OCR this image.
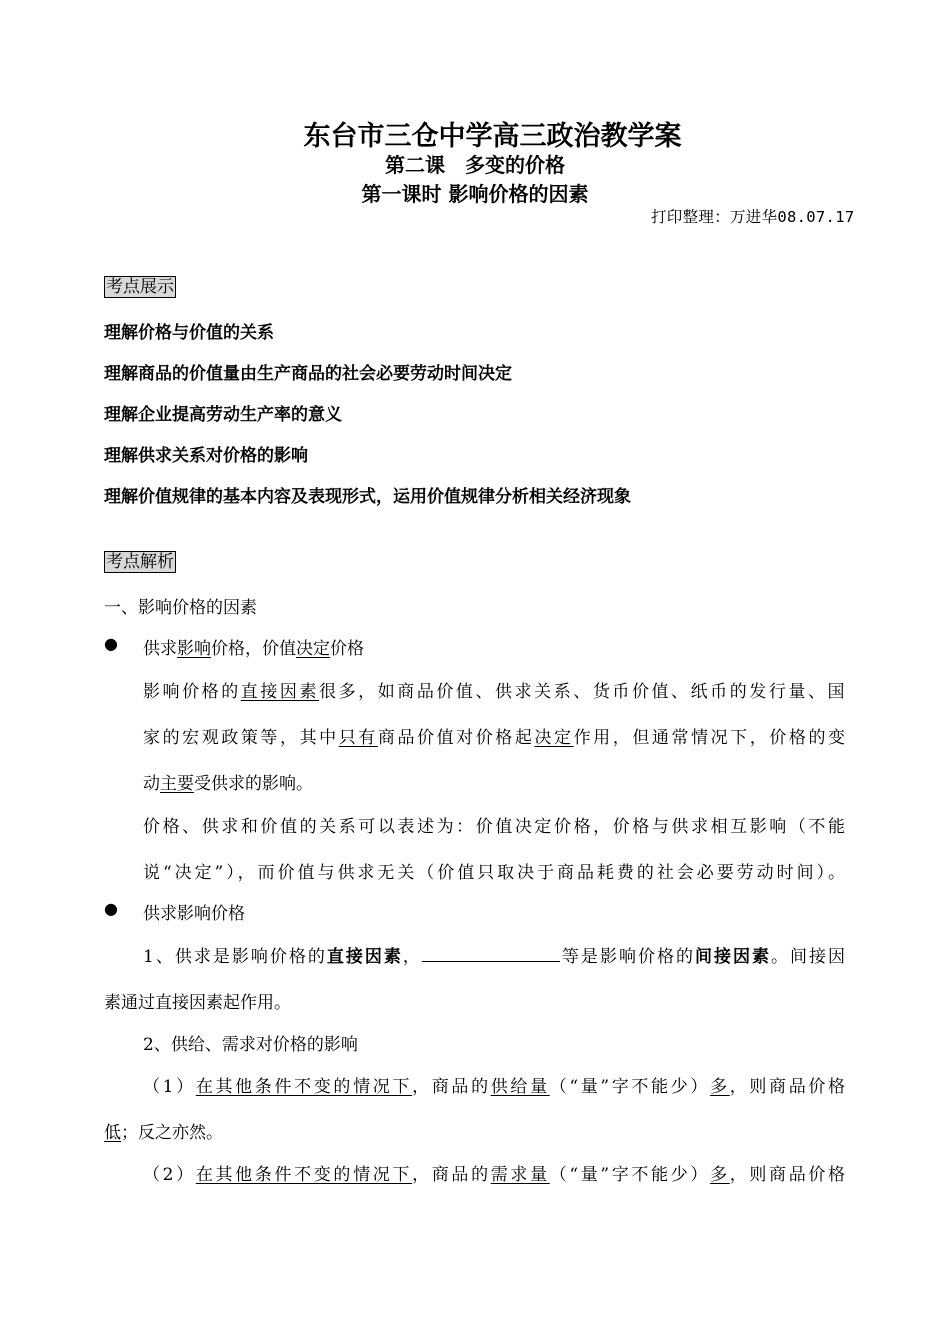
东台市三仓中学高三政治教学案
第二课　多变的价格
第一课时 影响价格的因素
打印整理：万进华08.07.17
考点展示
理解价格与价值的关系
理解商品的价值量由生产商品的社会必要劳动时间决定
理解企业提高劳动生产率的意义
理解供求关系对价格的影响
理解价值规律的基本内容及表现形式，运用价值规律分析相关经济现象
考点解析
一、影响价格的因素
● 供求影响价格，价值决定价格
影响价格的直接因素很多，如商品价值、供求关系、货币价值、纸币的发行量、国
家的宏观政策等，其中只有商品价值对价格起决定作用，但通常情况下，价格的变
动主要受供求的影响。
价格、供求和价值的关系可以表述为：价值决定价格，价格与供求相互影响（不能
说“决定”），而价值与供求无关（价值只取决于商品耗费的社会必要劳动时间）。
● 供求影响价格
1、供求是影响价格的直接因素，	等是影响价格的间接因素。间接因
素通过直接因素起作用。
2、供给、需求对价格的影响
（1）在其他条件不变的情况下，商品的供给量（“量”字不能少）多，则商品价格
低；反之亦然。
（2）在其他条件不变的情况下，商品的需求量（“量”字不能少）多，则商品价格
